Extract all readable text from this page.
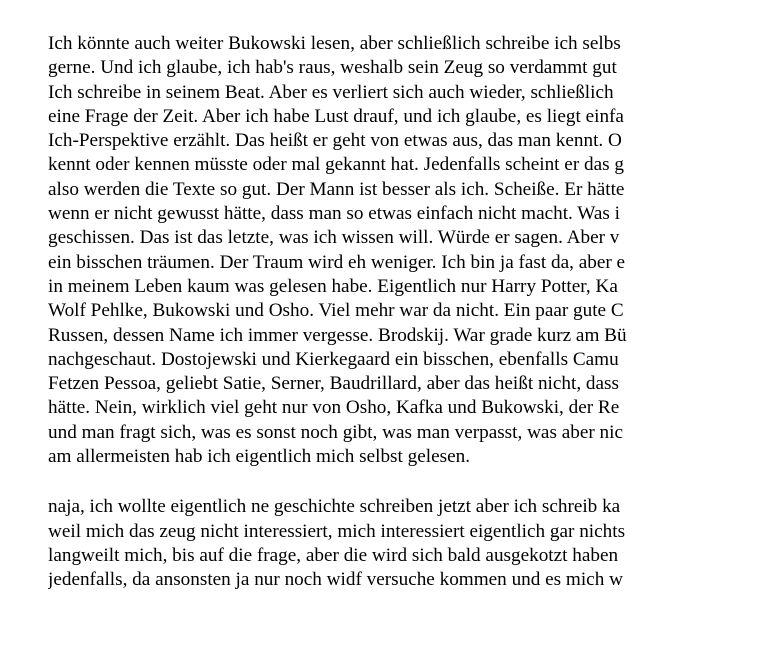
Ich könnte auch weiter Bukowski lesen, aber schließlich schreibe ich selbs
gerne. Und ich glaube, ich hab's raus, weshalb sein Zeug so verdammt gut
Ich schreibe in seinem Beat. Aber es verliert sich auch wieder, schließlich
eine Frage der Zeit. Aber ich habe Lust drauf, und ich glaube, es liegt einfa
Ich-Perspektive erzählt. Das heißt er geht von etwas aus, das man kennt. O
kennt oder kennen müsste oder mal gekannt hat. Jedenfalls scheint er das g
also werden die Texte so gut. Der Mann ist besser als ich. Scheiße. Er hätte
wenn er nicht gewusst hätte, dass man so etwas einfach nicht macht. Was i
geschissen. Das ist das letzte, was ich wissen will. Würde er sagen. Aber v
ein bisschen träumen. Der Traum wird eh weniger. Ich bin ja fast da, aber e
in meinem Leben kaum was gelesen habe. Eigentlich nur Harry Potter, Ka
Wolf Pehlke, Bukowski und Osho. Viel mehr war da nicht. Ein paar gute C
Russen, dessen Name ich immer vergesse. Brodskij. War grade kurz am Bü
nachgeschaut. Dostojewski und Kierkegaard ein bisschen, ebenfalls Camu
Fetzen Pessoa, geliebt Satie, Serner, Baudrillard, aber das heißt nicht, dass
hätte. Nein, wirklich viel geht nur von Osho, Kafka und Bukowski, der Re
und man fragt sich, was es sonst noch gibt, was man verpasst, was aber nic
am allermeisten hab ich eigentlich mich selbst gelesen.

naja, ich wollte eigentlich ne geschichte schreiben jetzt aber ich schreib ka
weil mich das zeug nicht interessiert, mich interessiert eigentlich gar nichts
langweilt mich, bis auf die frage, aber die wird sich bald ausgekotzt haben
jedenfalls, da ansonsten ja nur noch widf versuche kommen und es mich w
